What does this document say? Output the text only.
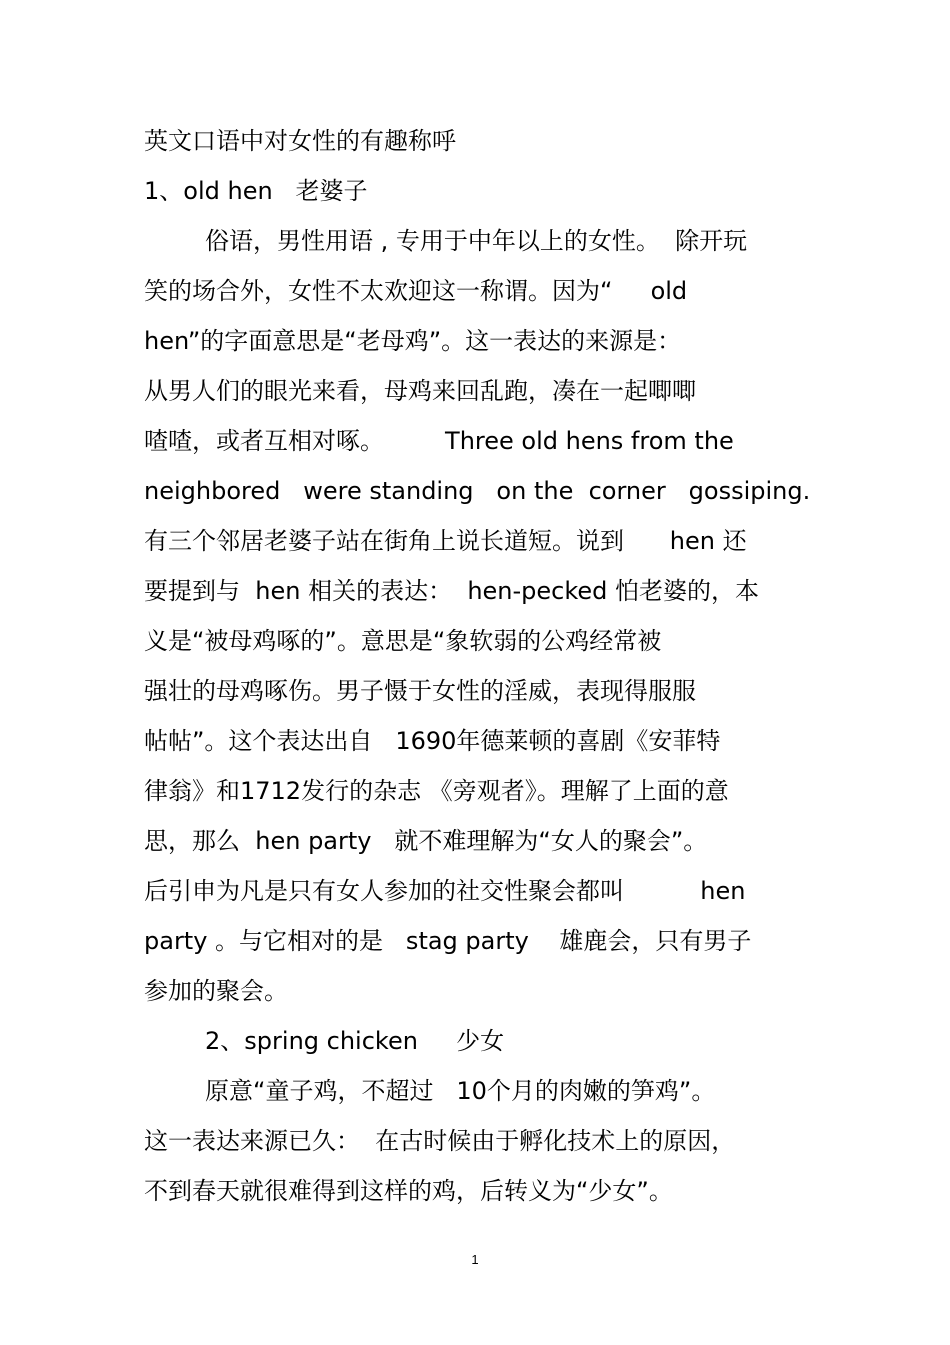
英文口语中对女性的有趣称呼

1、old hen   老婆子

俗语，男性用语 , 专用于中年以上的女性。  除开玩

笑的场合外，女性不太欢迎这一称谓。因为“     old

hen”的字面意思是“老母鸡”。这一表达的来源是：

从男人们的眼光来看，母鸡来回乱跑，凑在一起唧唧

喳喳，或者互相对啄。        Three old hens from the

neighbored   were standing   on the  corner   gossiping.

有三个邻居老婆子站在街角上说长道短。说到      hen 还

要提到与  hen 相关的表达：  hen-pecked 怕老婆的，本

义是“被母鸡啄的”。意思是“象软弱的公鸡经常被

强壮的母鸡啄伤。男子慑于女性的淫威，表现得服服

帖帖”。这个表达出自   1690年德莱顿的喜剧《安菲特

律翁》和1712发行的杂志 《旁观者》。理解了上面的意

思，那么  hen party   就不难理解为“女人的聚会”。

后引申为凡是只有女人参加的社交性聚会都叫          hen

party 。与它相对的是   stag party    雄鹿会，只有男子

参加的聚会。

2、spring chicken     少女

原意“童子鸡，不超过   10个月的肉嫩的笋鸡”。

这一表达来源已久：  在古时候由于孵化技术上的原因，

不到春天就很难得到这样的鸡，后转义为“少女”。

1
